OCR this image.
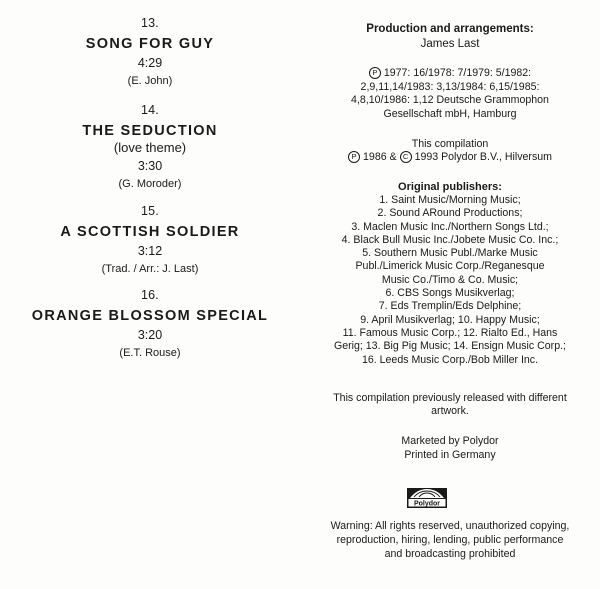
13.
SONG FOR GUY
4:29
(E. John)
14.
THE SEDUCTION
(love theme)
3:30
(G. Moroder)
15.
A SCOTTISH SOLDIER
3:12
(Trad. / Arr.: J. Last)
16.
ORANGE BLOSSOM SPECIAL
3:20
(E.T. Rouse)
Production and arrangements:
James Last
P 1977: 16/1978: 7/1979: 5/1982:
2,9,11,14/1983: 3,13/1984: 6,15/1985:
4,8,10/1986: 1,12 Deutsche Grammophon
Gesellschaft mbH, Hamburg
This compilation
P 1986 & C 1993 Polydor B.V., Hilversum
Original publishers:
1. Saint Music/Morning Music;
2. Sound ARound Productions;
3. Maclen Music Inc./Northern Songs Ltd.;
4. Black Bull Music Inc./Jobete Music Co. Inc.;
5. Southern Music Publ./Marke Music
Publ./Limerick Music Corp./Reganesque
Music Co./Timo & Co. Music;
6. CBS Songs Musikverlag;
7. Eds Tremplin/Eds Delphine;
9. April Musikverlag; 10. Happy Music;
11. Famous Music Corp.; 12. Rialto Ed., Hans
Gerig; 13. Big Pig Music; 14. Ensign Music Corp.;
16. Leeds Music Corp./Bob Miller Inc.
This compilation previously released with different
artwork.
Marketed by Polydor
Printed in Germany
Warning: All rights reserved, unauthorized copying,
reproduction, hiring, lending, public performance
and broadcasting prohibited
Polydor
